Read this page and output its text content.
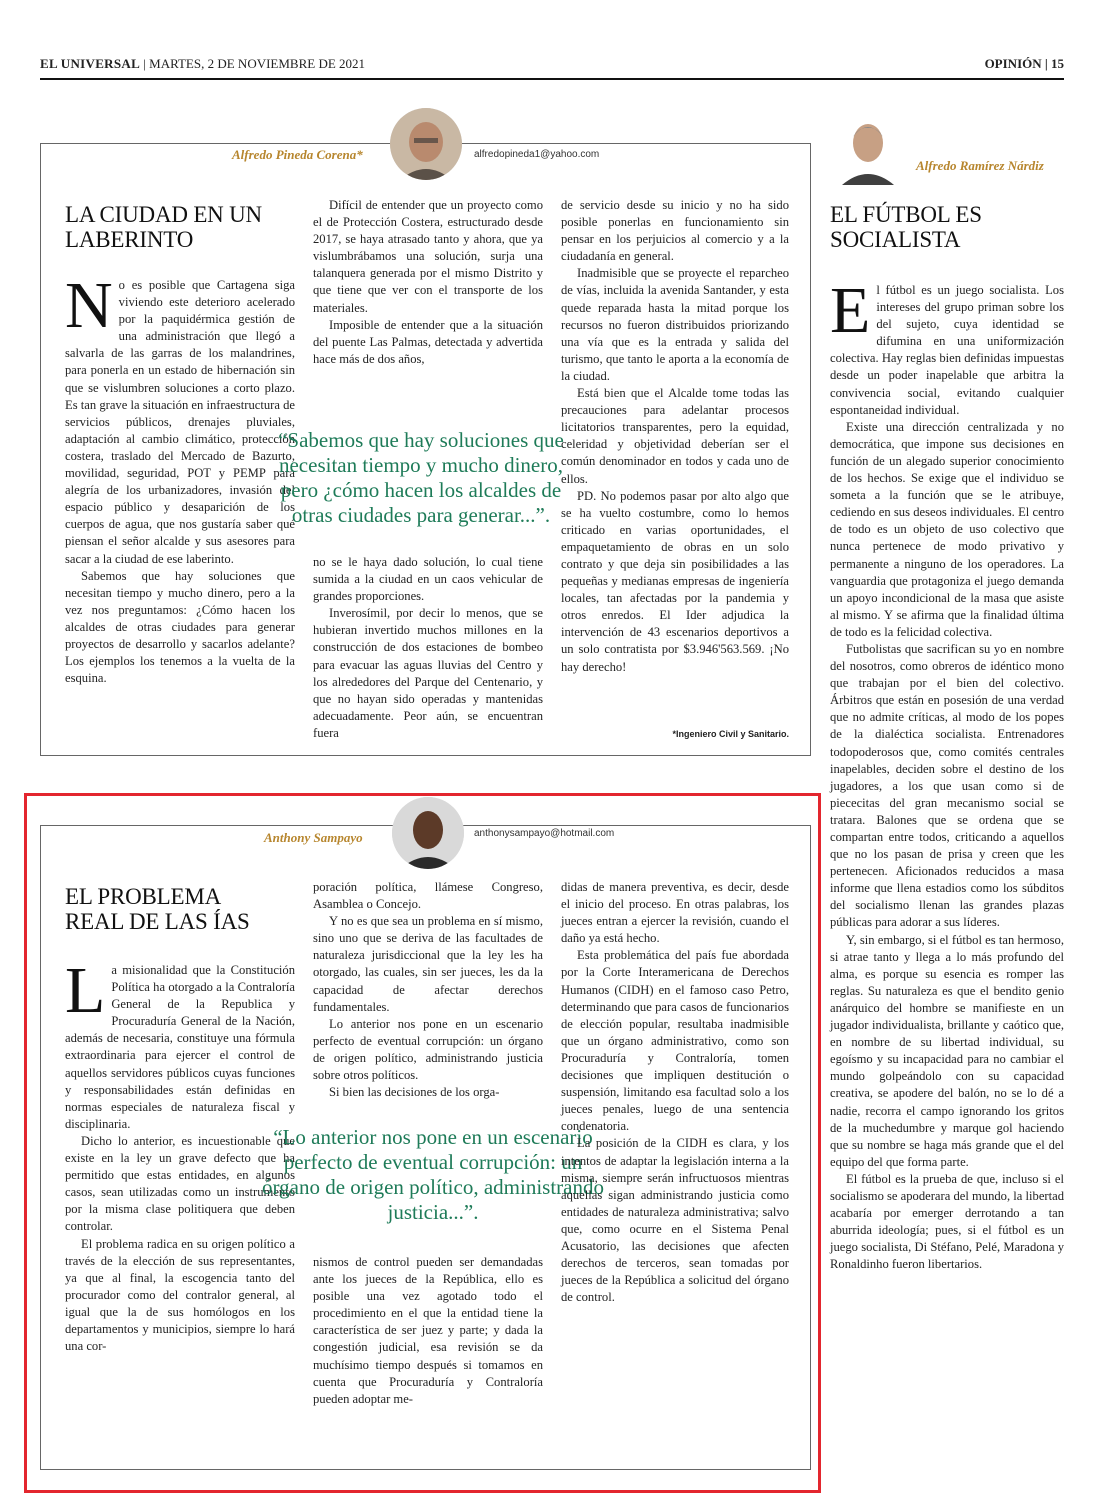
EL UNIVERSAL | MARTES, 2 DE NOVIEMBRE DE 2021	OPINIÓN | 15
Alfredo Pineda Corena*	alfredopineda1@yahoo.com
LA CIUDAD EN UN LABERINTO
N o es posible que Cartagena siga viviendo este deterioro acelerado por la paquidérmica gestión de una administración que llegó a salvarla de las garras de los malandrines, para ponerla en un estado de hibernación sin que se vislumbren soluciones a corto plazo. Es tan grave la situación en infraestructura de servicios públicos, drenajes pluviales, adaptación al cambio climático, protección costera, traslado del Mercado de Bazurto, movilidad, seguridad, POT y PEMP para alegría de los urbanizadores, invasión del espacio público y desaparición de los cuerpos de agua, que nos gustaría saber qué piensan el señor alcalde y sus asesores para sacar a la ciudad de ese laberinto.

Sabemos que hay soluciones que necesitan tiempo y mucho dinero, pero a la vez nos preguntamos: ¿Cómo hacen los alcaldes de otras ciudades para generar proyectos de desarrollo y sacarlos adelante? Los ejemplos los tenemos a la vuelta de la esquina.

Difícil de entender que un proyecto como el de Protección Costera, estructurado desde 2017, se haya atrasado tanto y ahora, que ya vislumbrábamos una solución, surja una talanquera generada por el mismo Distrito y que tiene que ver con el transporte de los materiales.

Imposible de entender que a la situación del puente Las Palmas, detectada y advertida hace más de dos años,

“Sabemos que hay soluciones que necesitan tiempo y mucho dinero, pero ¿cómo hacen los alcaldes de otras ciudades para generar...”.

no se le haya dado solución, lo cual tiene sumida a la ciudad en un caos vehicular de grandes proporciones.

Inverosímil, por decir lo menos, que se hubieran invertido muchos millones en la construcción de dos estaciones de bombeo para evacuar las aguas lluvias del Centro y los alrededores del Parque del Centenario, y que no hayan sido operadas y mantenidas adecuadamente. Peor aún, se encuentran fuera

de servicio desde su inicio y no ha sido posible ponerlas en funcionamiento sin pensar en los perjuicios al comercio y a la ciudadanía en general.

Inadmisible que se proyecte el reparcheo de vías, incluida la avenida Santander, y esta quede reparada hasta la mitad porque los recursos no fueron distribuidos priorizando una vía que es la entrada y salida del turismo, que tanto le aporta a la economía de la ciudad.

Está bien que el Alcalde tome todas las precauciones para adelantar procesos licitatorios transparentes, pero la equidad, celeridad y objetividad deberían ser el común denominador en todos y cada uno de ellos.

PD. No podemos pasar por alto algo que se ha vuelto costumbre, como lo hemos criticado en varias oportunidades, el empaquetamiento de obras en un solo contrato y que deja sin posibilidades a las pequeñas y medianas empresas de ingeniería locales, tan afectadas por la pandemia y otros enredos. El Ider adjudica la intervención de 43 escenarios deportivos a un solo contratista por $3.946'563.569. ¡No hay derecho!

*Ingeniero Civil y Sanitario.
Anthony Sampayo	anthonysampayo@hotmail.com
EL PROBLEMA REAL DE LAS ÍAS
L a misionalidad que la Constitución Política ha otorgado a la Contraloría General de la Republica y Procuraduría General de la Nación, además de necesaria, constituye una fórmula extraordinaria para ejercer el control de aquellos servidores públicos cuyas funciones y responsabilidades están definidas en normas especiales de naturaleza fiscal y disciplinaria.

Dicho lo anterior, es incuestionable que existe en la ley un grave defecto que ha permitido que estas entidades, en algunos casos, sean utilizadas como un instrumento por la misma clase politiquera que deben controlar.

El problema radica en su origen político a través de la elección de sus representantes, ya que al final, la escogencia tanto del procurador como del contralor general, al igual que la de sus homólogos en los departamentos y municipios, siempre lo hará una cor-

poración política, llámese Congreso, Asamblea o Concejo.

Y no es que sea un problema en sí mismo, sino uno que se deriva de las facultades de naturaleza jurisdiccional que la ley les ha otorgado, las cuales, sin ser jueces, les da la capacidad de afectar derechos fundamentales.

Lo anterior nos pone en un escenario perfecto de eventual corrupción: un órgano de origen político, administrando justicia sobre otros políticos.

Si bien las decisiones de los orga-

“Lo anterior nos pone en un escenario perfecto de eventual corrupción: un órgano de origen político, administrando justicia...”.

nismos de control pueden ser demandadas ante los jueces de la República, ello es posible una vez agotado todo el procedimiento en el que la entidad tiene la característica de ser juez y parte; y dada la congestión judicial, esa revisión se da muchísimo tiempo después si tomamos en cuenta que Procuraduría y Contraloría pueden adoptar me-

didas de manera preventiva, es decir, desde el inicio del proceso. En otras palabras, los jueces entran a ejercer la revisión, cuando el daño ya está hecho.

Esta problemática del país fue abordada por la Corte Interamericana de Derechos Humanos (CIDH) en el famoso caso Petro, determinando que para casos de funcionarios de elección popular, resultaba inadmisible que un órgano administrativo, como son Procuraduría y Contraloría, tomen decisiones que impliquen destitución o suspensión, limitando esa facultad solo a los jueces penales, luego de una sentencia condenatoria.

La posición de la CIDH es clara, y los intentos de adaptar la legislación interna a la misma, siempre serán infructuosos mientras aquellas sigan administrando justicia como entidades de naturaleza administrativa; salvo que, como ocurre en el Sistema Penal Acusatorio, las decisiones que afecten derechos de terceros, sean tomadas por jueces de la República a solicitud del órgano de control.

Alfredo Ramírez Nárdiz
EL FÚTBOL ES SOCIALISTA
E l fútbol es un juego socialista. Los intereses del grupo priman sobre los del sujeto, cuya identidad se difumina en una uniformización colectiva. Hay reglas bien definidas impuestas desde un poder inapelable que arbitra la convivencia social, evitando cualquier espontaneidad individual.

Existe una dirección centralizada y no democrática, que impone sus decisiones en función de un alegado superior conocimiento de los hechos. Se exige que el individuo se someta a la función que se le atribuye, cediendo en sus deseos individuales. El centro de todo es un objeto de uso colectivo que nunca pertenece de modo privativo y permanente a ninguno de los operadores. La vanguardia que protagoniza el juego demanda un apoyo incondicional de la masa que asiste al mismo. Y se afirma que la finalidad última de todo es la felicidad colectiva.

Futbolistas que sacrifican su yo en nombre del nosotros, como obreros de idéntico mono que trabajan por el bien del colectivo. Árbitros que están en posesión de una verdad que no admite críticas, al modo de los popes de la dialéctica socialista. Entrenadores todopoderosos que, como comités centrales inapelables, deciden sobre el destino de los jugadores, a los que usan como si de piececitas del gran mecanismo social se tratara. Balones que se ordena que se compartan entre todos, criticando a aquellos que no los pasan de prisa y creen que les pertenecen. Aficionados reducidos a masa informe que llena estadios como los súbditos del socialismo llenan las grandes plazas públicas para adorar a sus líderes.

Y, sin embargo, si el fútbol es tan hermoso, si atrae tanto y llega a lo más profundo del alma, es porque su esencia es romper las reglas. Su naturaleza es que el bendito genio anárquico del hombre se manifieste en un jugador individualista, brillante y caótico que, en nombre de su libertad individual, su egoísmo y su incapacidad para no cambiar el mundo golpeándolo con su capacidad creativa, se apodere del balón, no se lo dé a nadie, recorra el campo ignorando los gritos de la muchedumbre y marque gol haciendo que su nombre se haga más grande que el del equipo del que forma parte.

El fútbol es la prueba de que, incluso si el socialismo se apoderara del mundo, la libertad acabaría por emerger derrotando a tan aburrida ideología; pues, si el fútbol es un juego socialista, Di Stéfano, Pelé, Maradona y Ronaldinho fueron libertarios.
